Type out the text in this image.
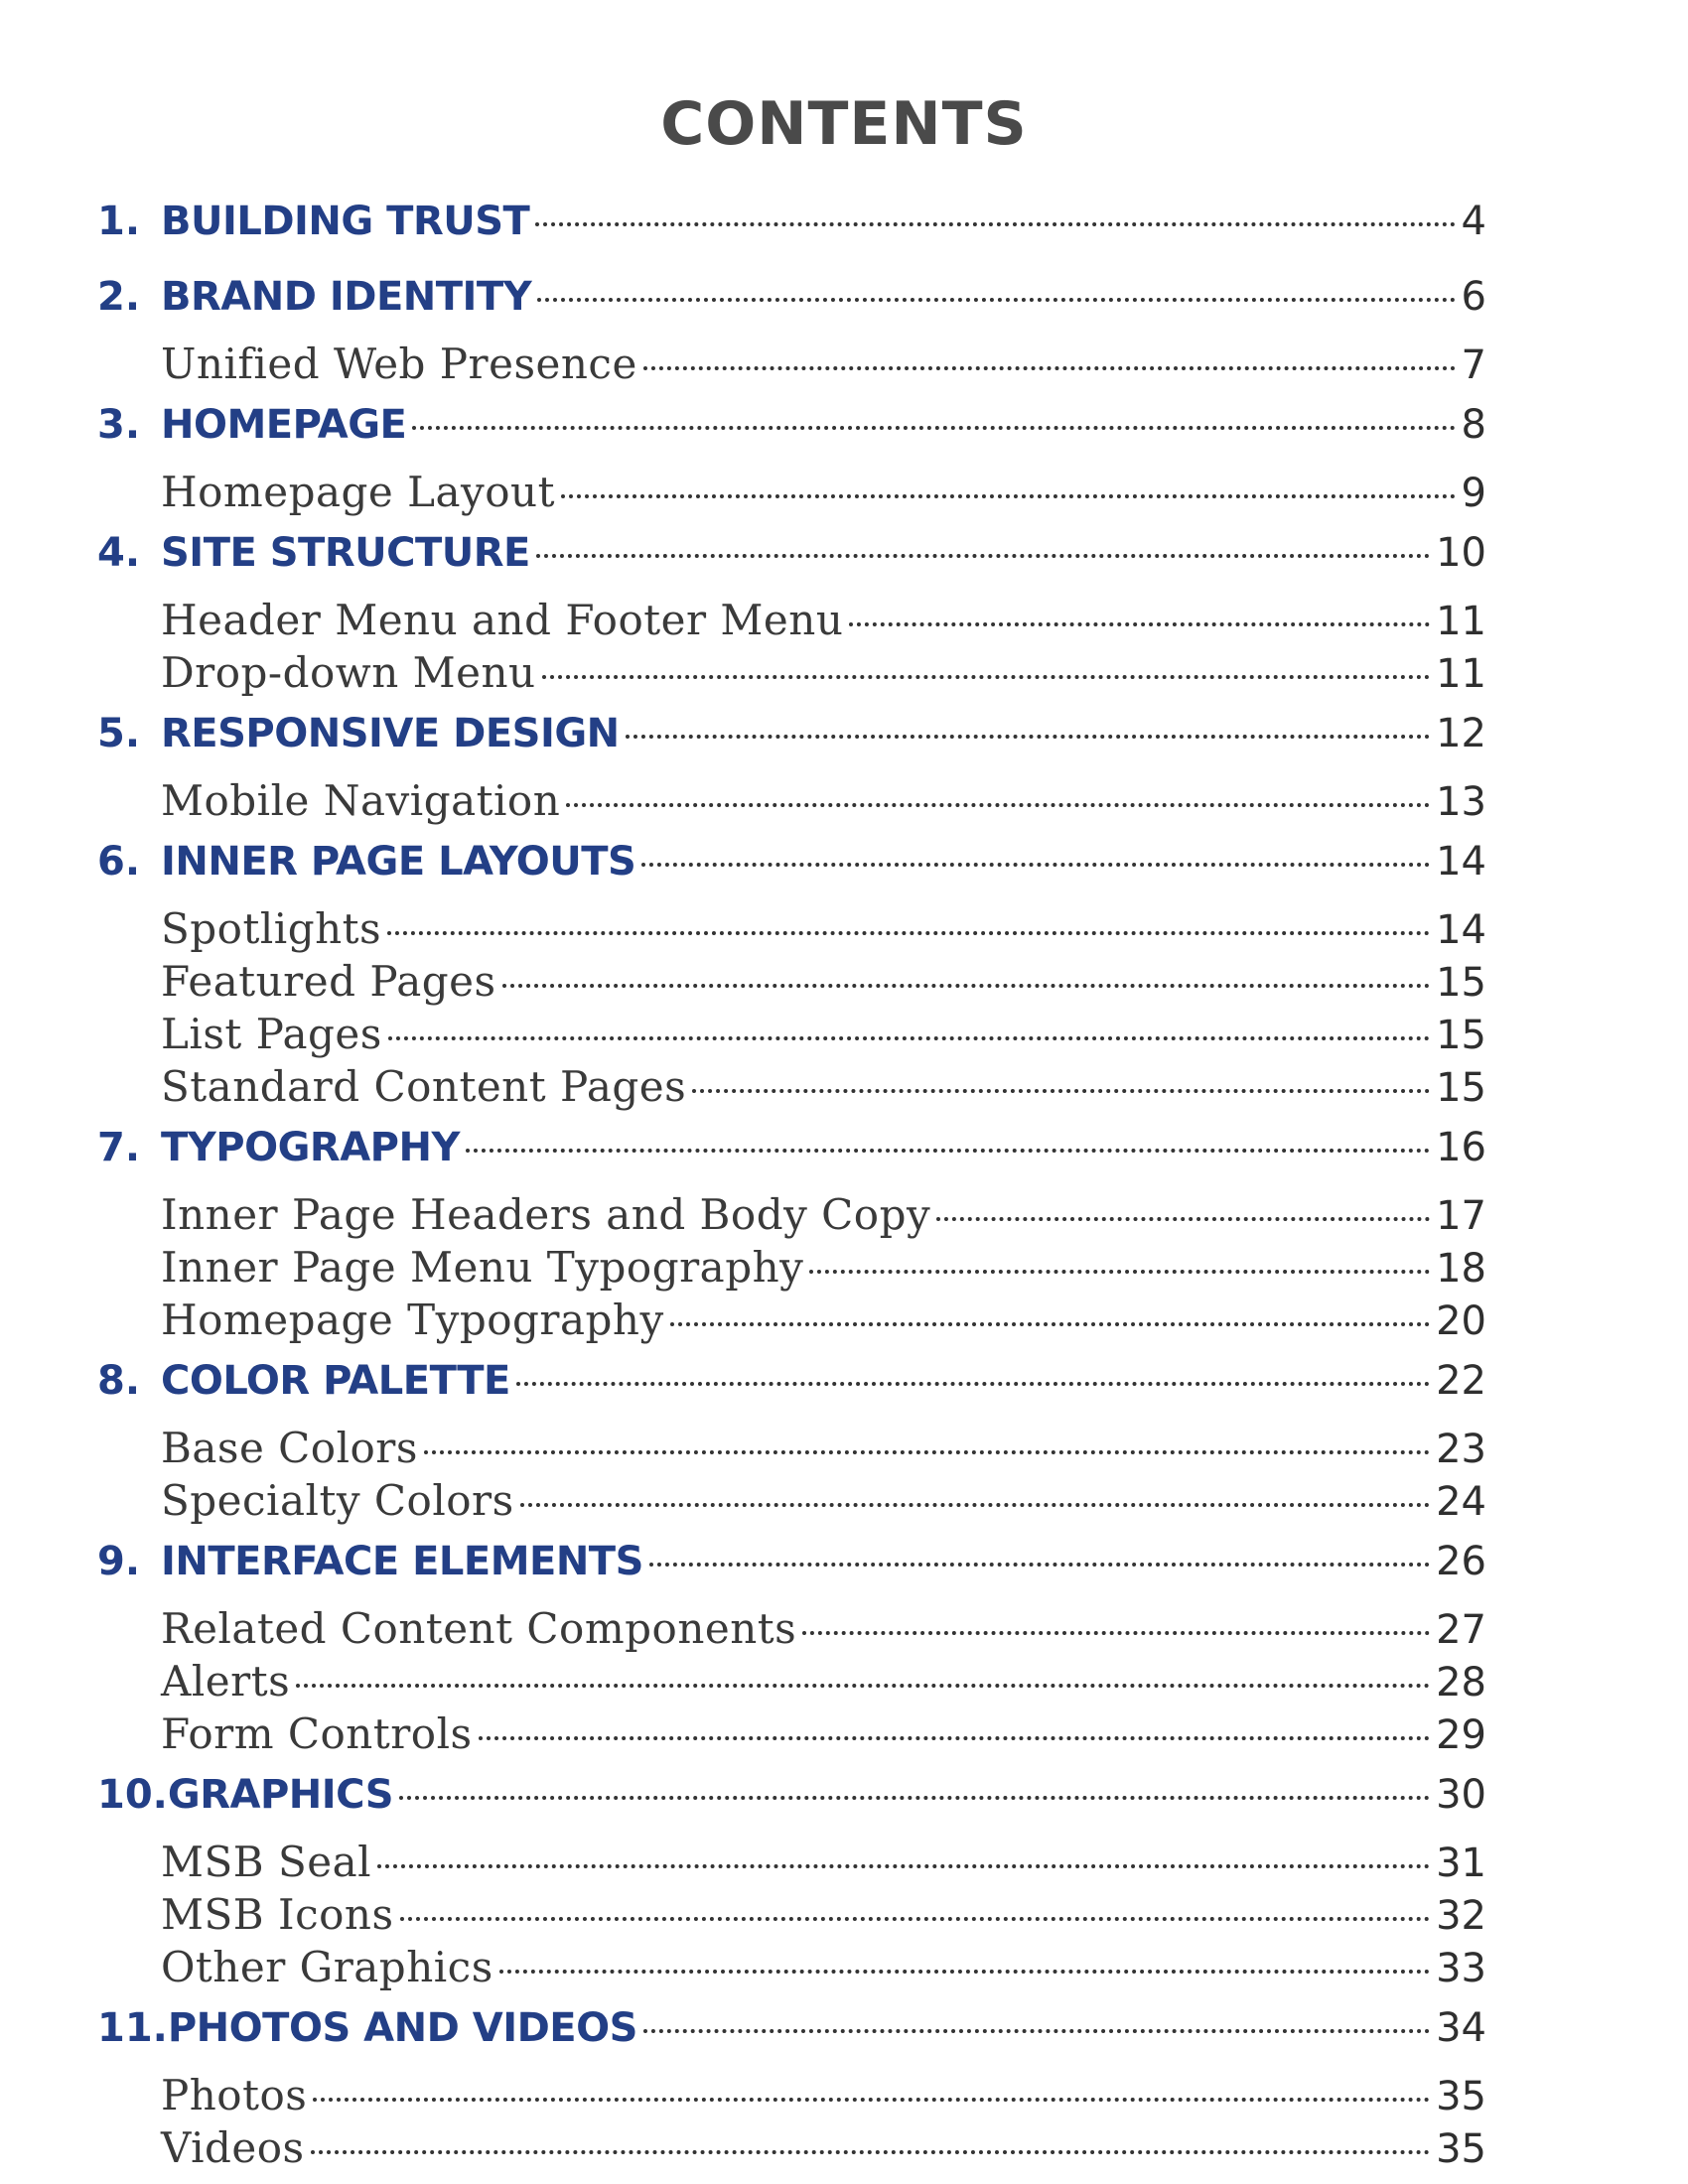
CONTENTS
1. BUILDING TRUST	4
2. BRAND IDENTITY	6
Unified Web Presence	7
3. HOMEPAGE	8
Homepage Layout	9
4. SITE STRUCTURE	10
Header Menu and Footer Menu	11
Drop-down Menu	11
5. RESPONSIVE DESIGN	12
Mobile Navigation	13
6. INNER PAGE LAYOUTS	14
Spotlights	14
Featured Pages	15
List Pages	15
Standard Content Pages	15
7. TYPOGRAPHY	16
Inner Page Headers and Body Copy	17
Inner Page Menu Typography	18
Homepage Typography	20
8. COLOR PALETTE	22
Base Colors	23
Specialty Colors	24
9. INTERFACE ELEMENTS	26
Related Content Components	27
Alerts	28
Form Controls	29
10. GRAPHICS	30
MSB Seal	31
MSB Icons	32
Other Graphics	33
11. PHOTOS AND VIDEOS	34
Photos	35
Videos	35
